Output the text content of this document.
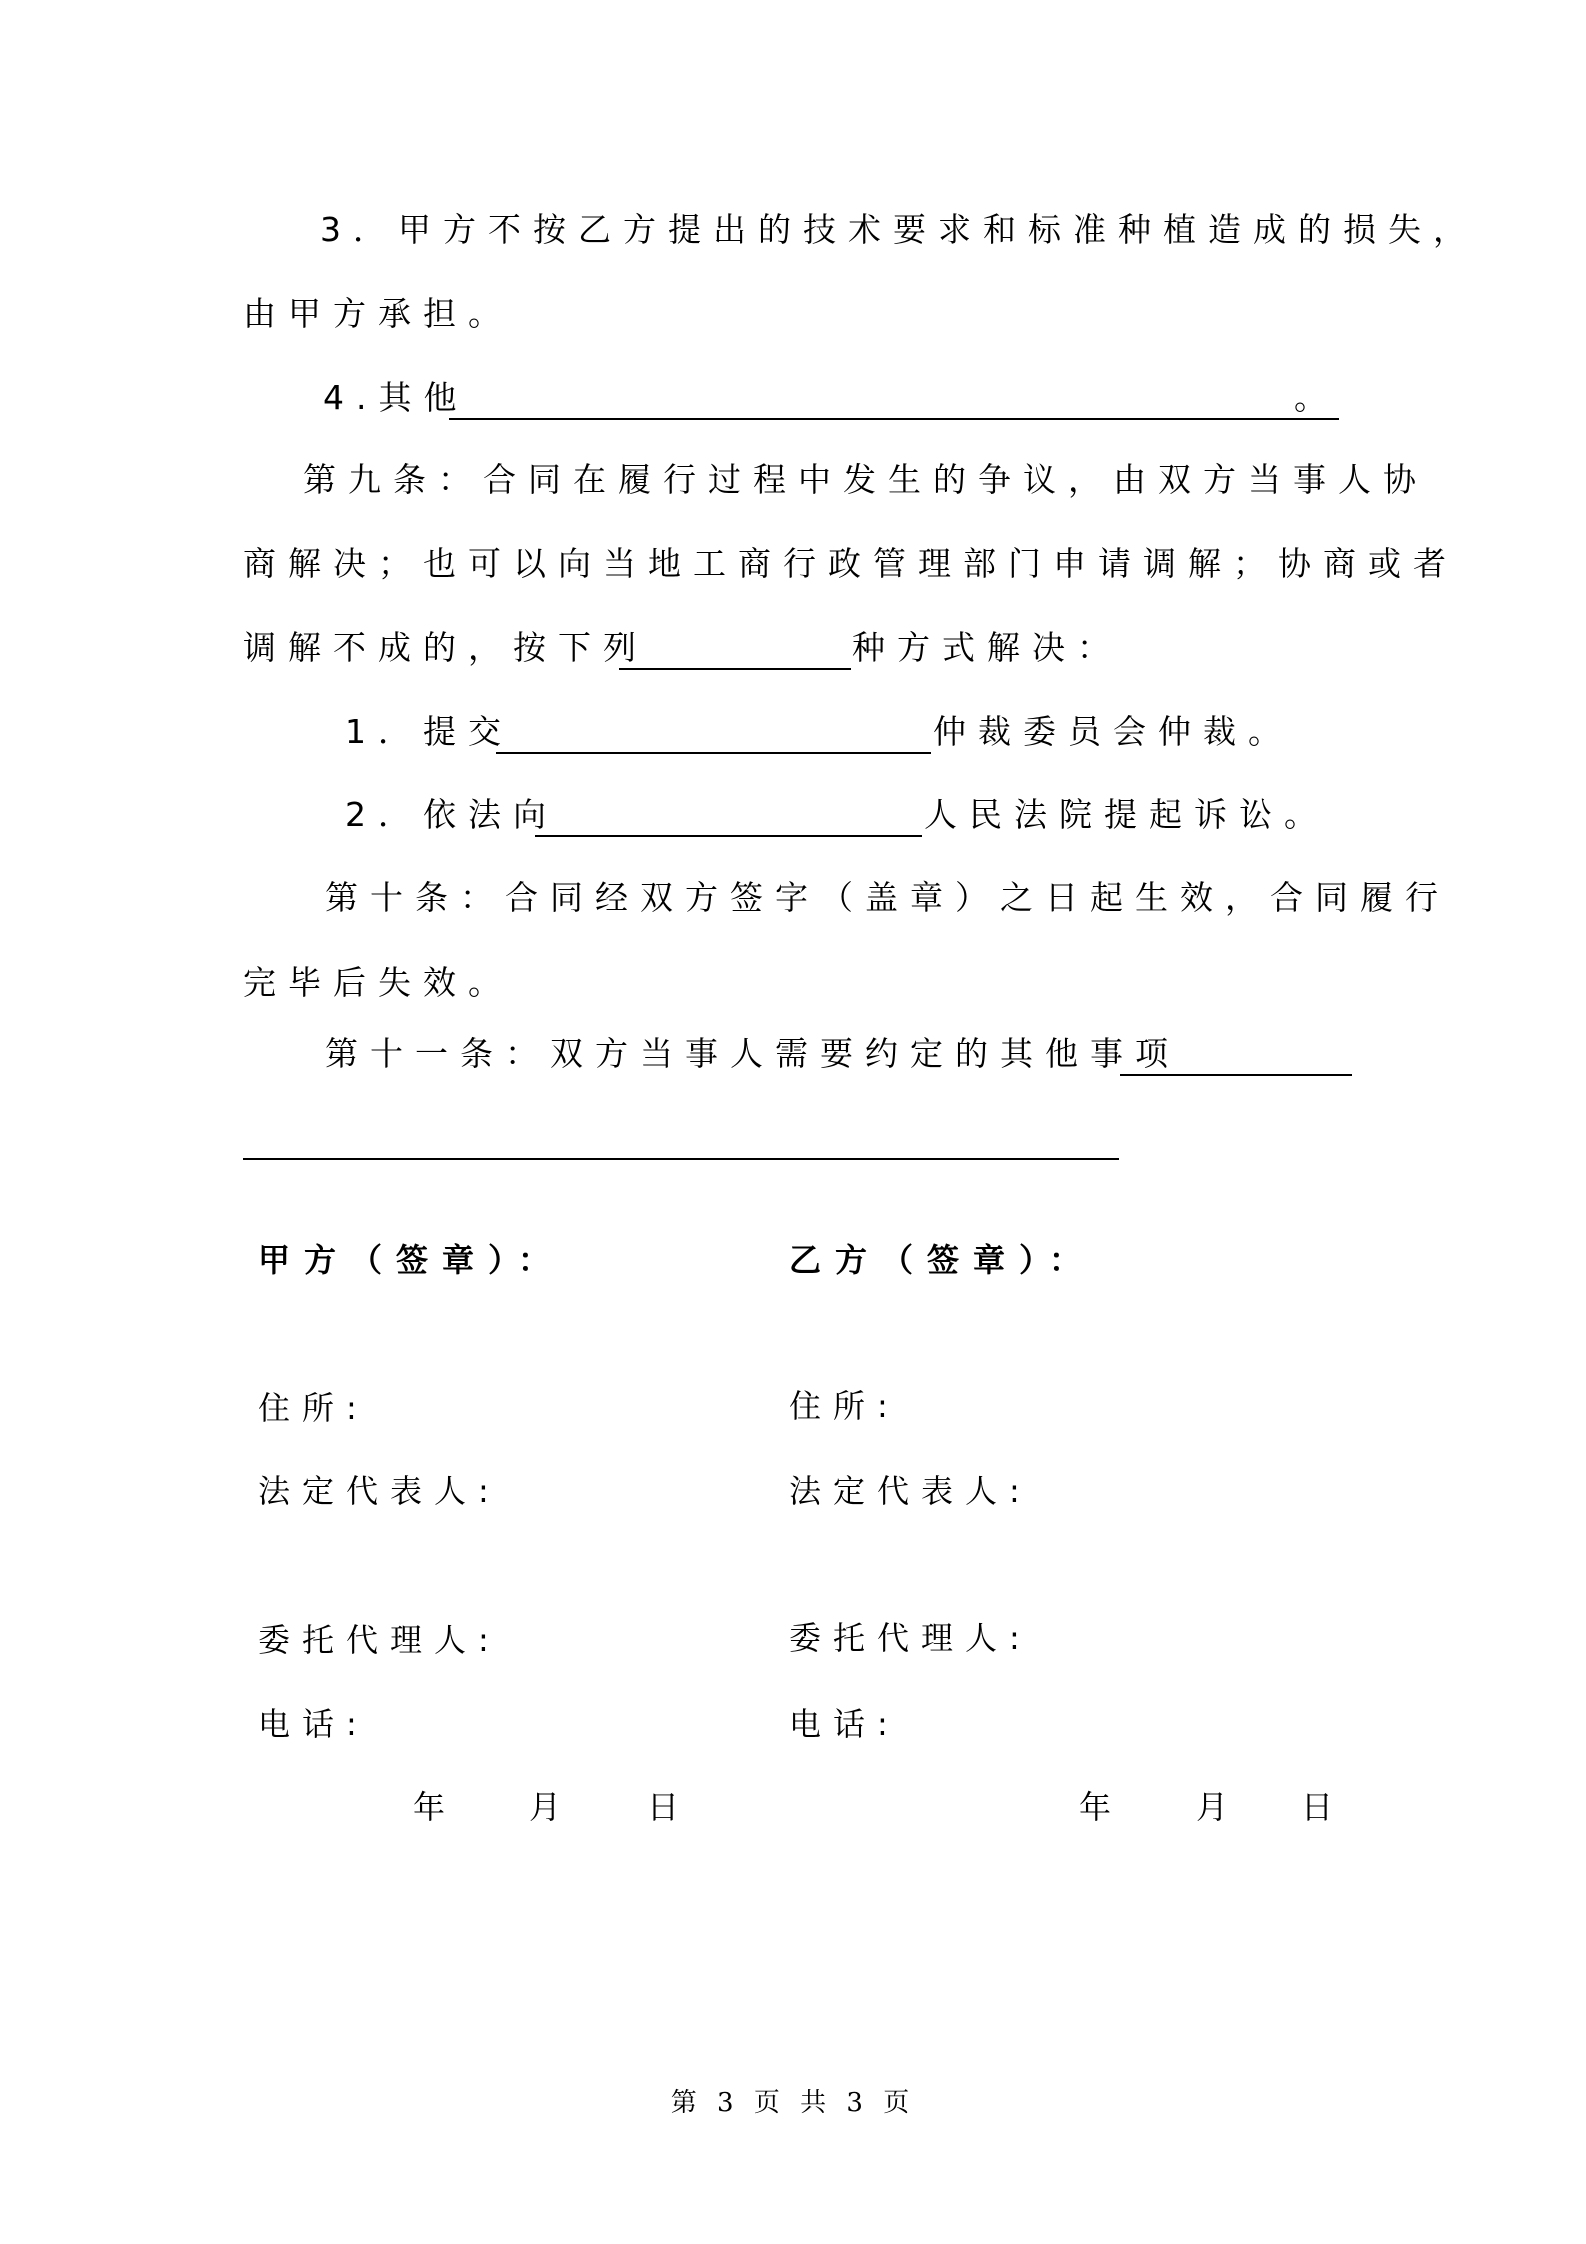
3．甲方不按乙方提出的技术要求和标准种植造成的损失，
由甲方承担。
4.其他	。
第九条：合同在履行过程中发生的争议，由双方当事人协
商解决；也可以向当地工商行政管理部门申请调解；协商或者
调解不成的，按下列	种方式解决：
1．提交	仲裁委员会仲裁。
2．依法向	人民法院提起诉讼。
第十条：合同经双方签字（盖章）之日起生效，合同履行
完毕后失效。
第十一条：双方当事人需要约定的其他事项
甲方（签章）：
住所:
法定代表人:
委托代理人:
电话:
年	月	日
乙方（签章）：
住所:
法定代表人:
委托代理人:
电话:
年	月 日
第 3 页 共 3 页
